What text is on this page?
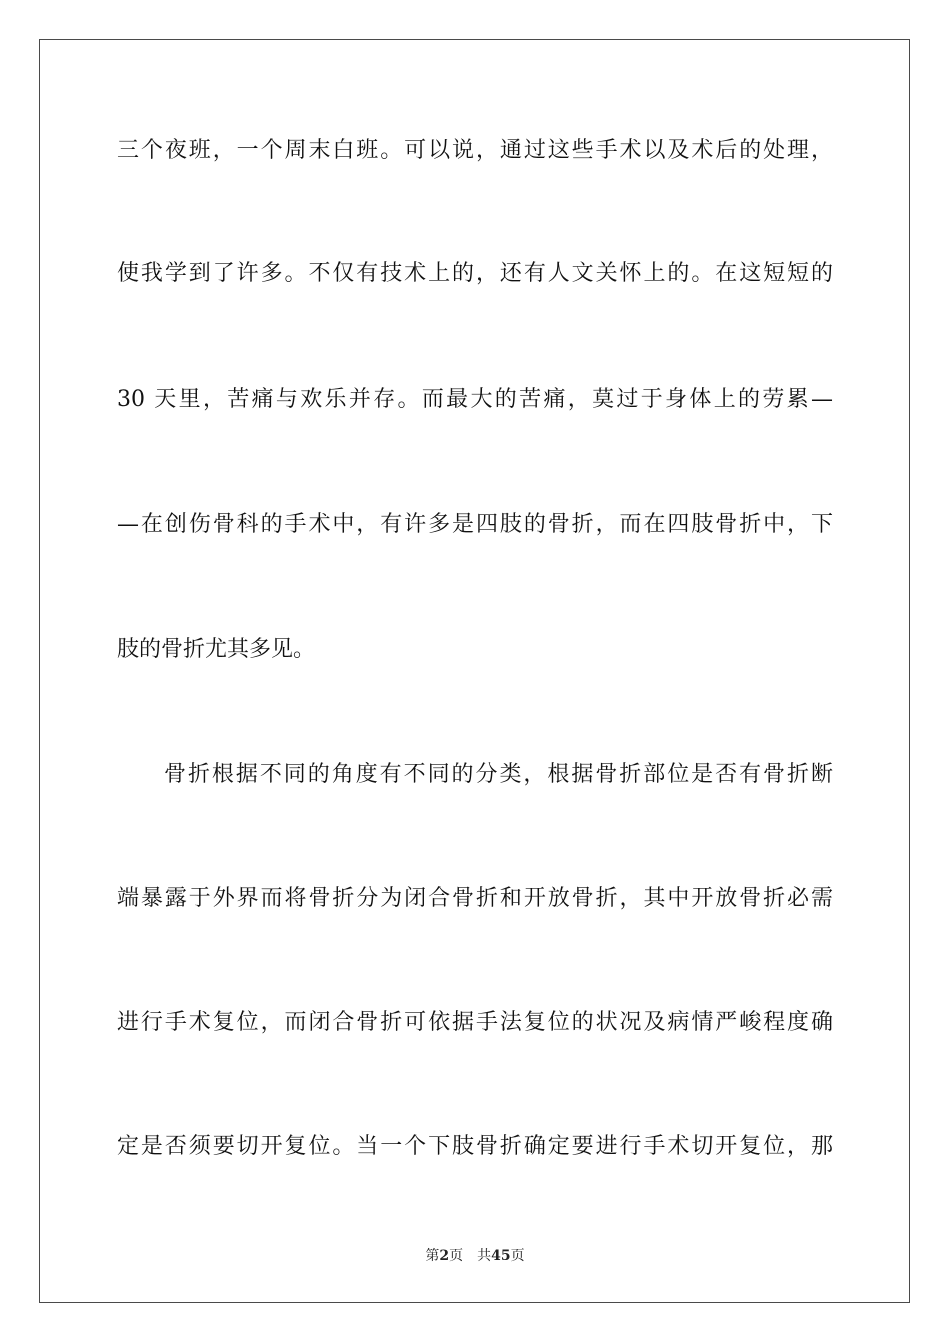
三个夜班，一个周末白班。可以说，通过这些手术以及术后的处理，
使我学到了许多。不仅有技术上的，还有人文关怀上的。在这短短的
30 天里，苦痛与欢乐并存。而最大的苦痛，莫过于身体上的劳累—
—在创伤骨科的手术中，有许多是四肢的骨折，而在四肢骨折中，下
肢的骨折尤其多见。
骨折根据不同的角度有不同的分类，根据骨折部位是否有骨折断
端暴露于外界而将骨折分为闭合骨折和开放骨折，其中开放骨折必需
进行手术复位，而闭合骨折可依据手法复位的状况及病情严峻程度确
定是否须要切开复位。当一个下肢骨折确定要进行手术切开复位，那
第2页　共45页
